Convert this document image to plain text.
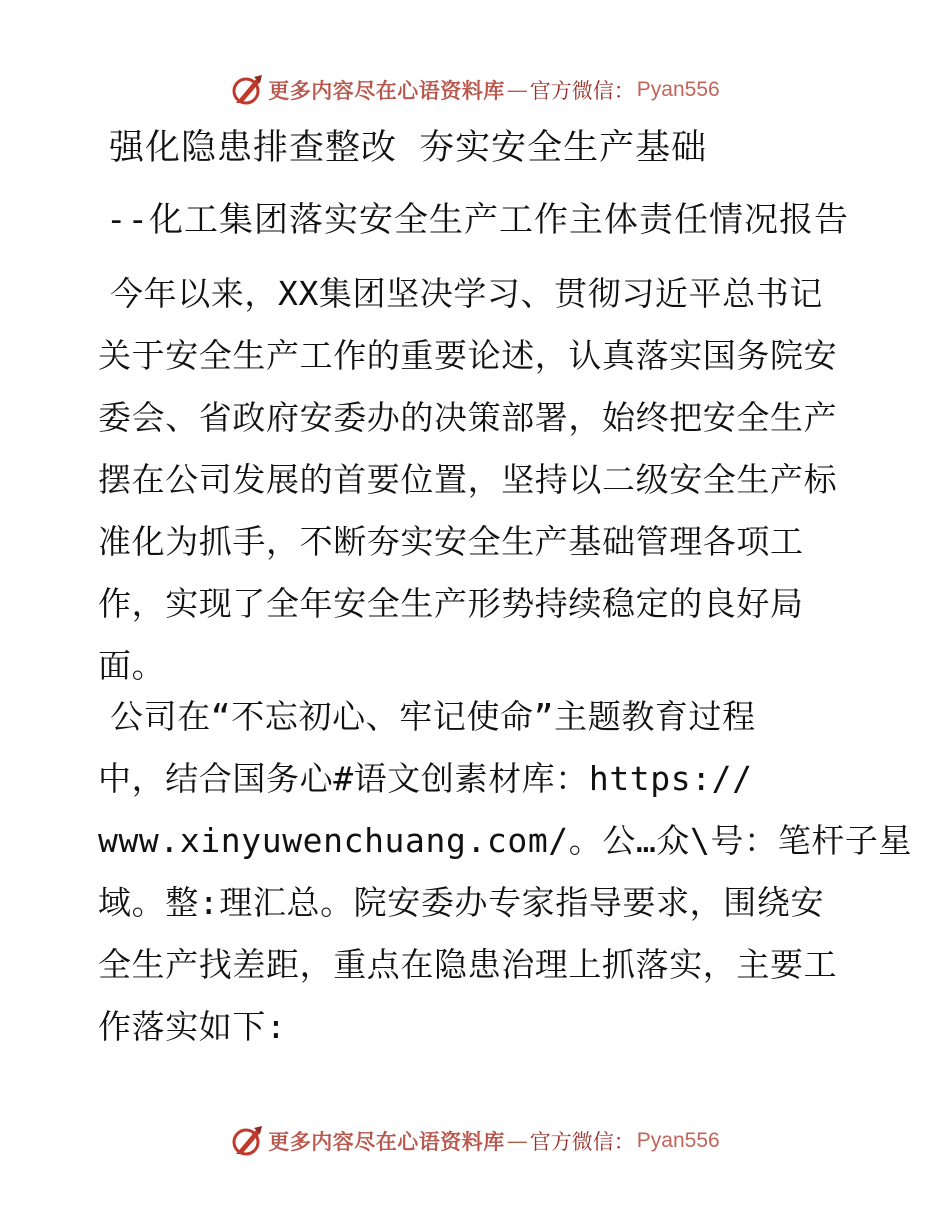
更多内容尽在心语资料库 — 官方微信： Pyan556
强化隐患排查整改 夯实安全生产基础
--化工集团落实安全生产工作主体责任情况报告
今年以来，XX集团坚决学习、贯彻习近平总书记
关于安全生产工作的重要论述，认真落实国务院安
委会、省政府安委办的决策部署，始终把安全生产
摆在公司发展的首要位置，坚持以二级安全生产标
准化为抓手，不断夯实安全生产基础管理各项工
作，实现了全年安全生产形势持续稳定的良好局
面。
公司在“不忘初心、牢记使命”主题教育过程
中，结合国务心#语文创素材库：https://
www.xinyuwenchuang.com/。公…众\号：笔杆子星
域。整:理汇总。院安委办专家指导要求，围绕安
全生产找差距，重点在隐患治理上抓落实，主要工
作落实如下:
更多内容尽在心语资料库 — 官方微信： Pyan556
